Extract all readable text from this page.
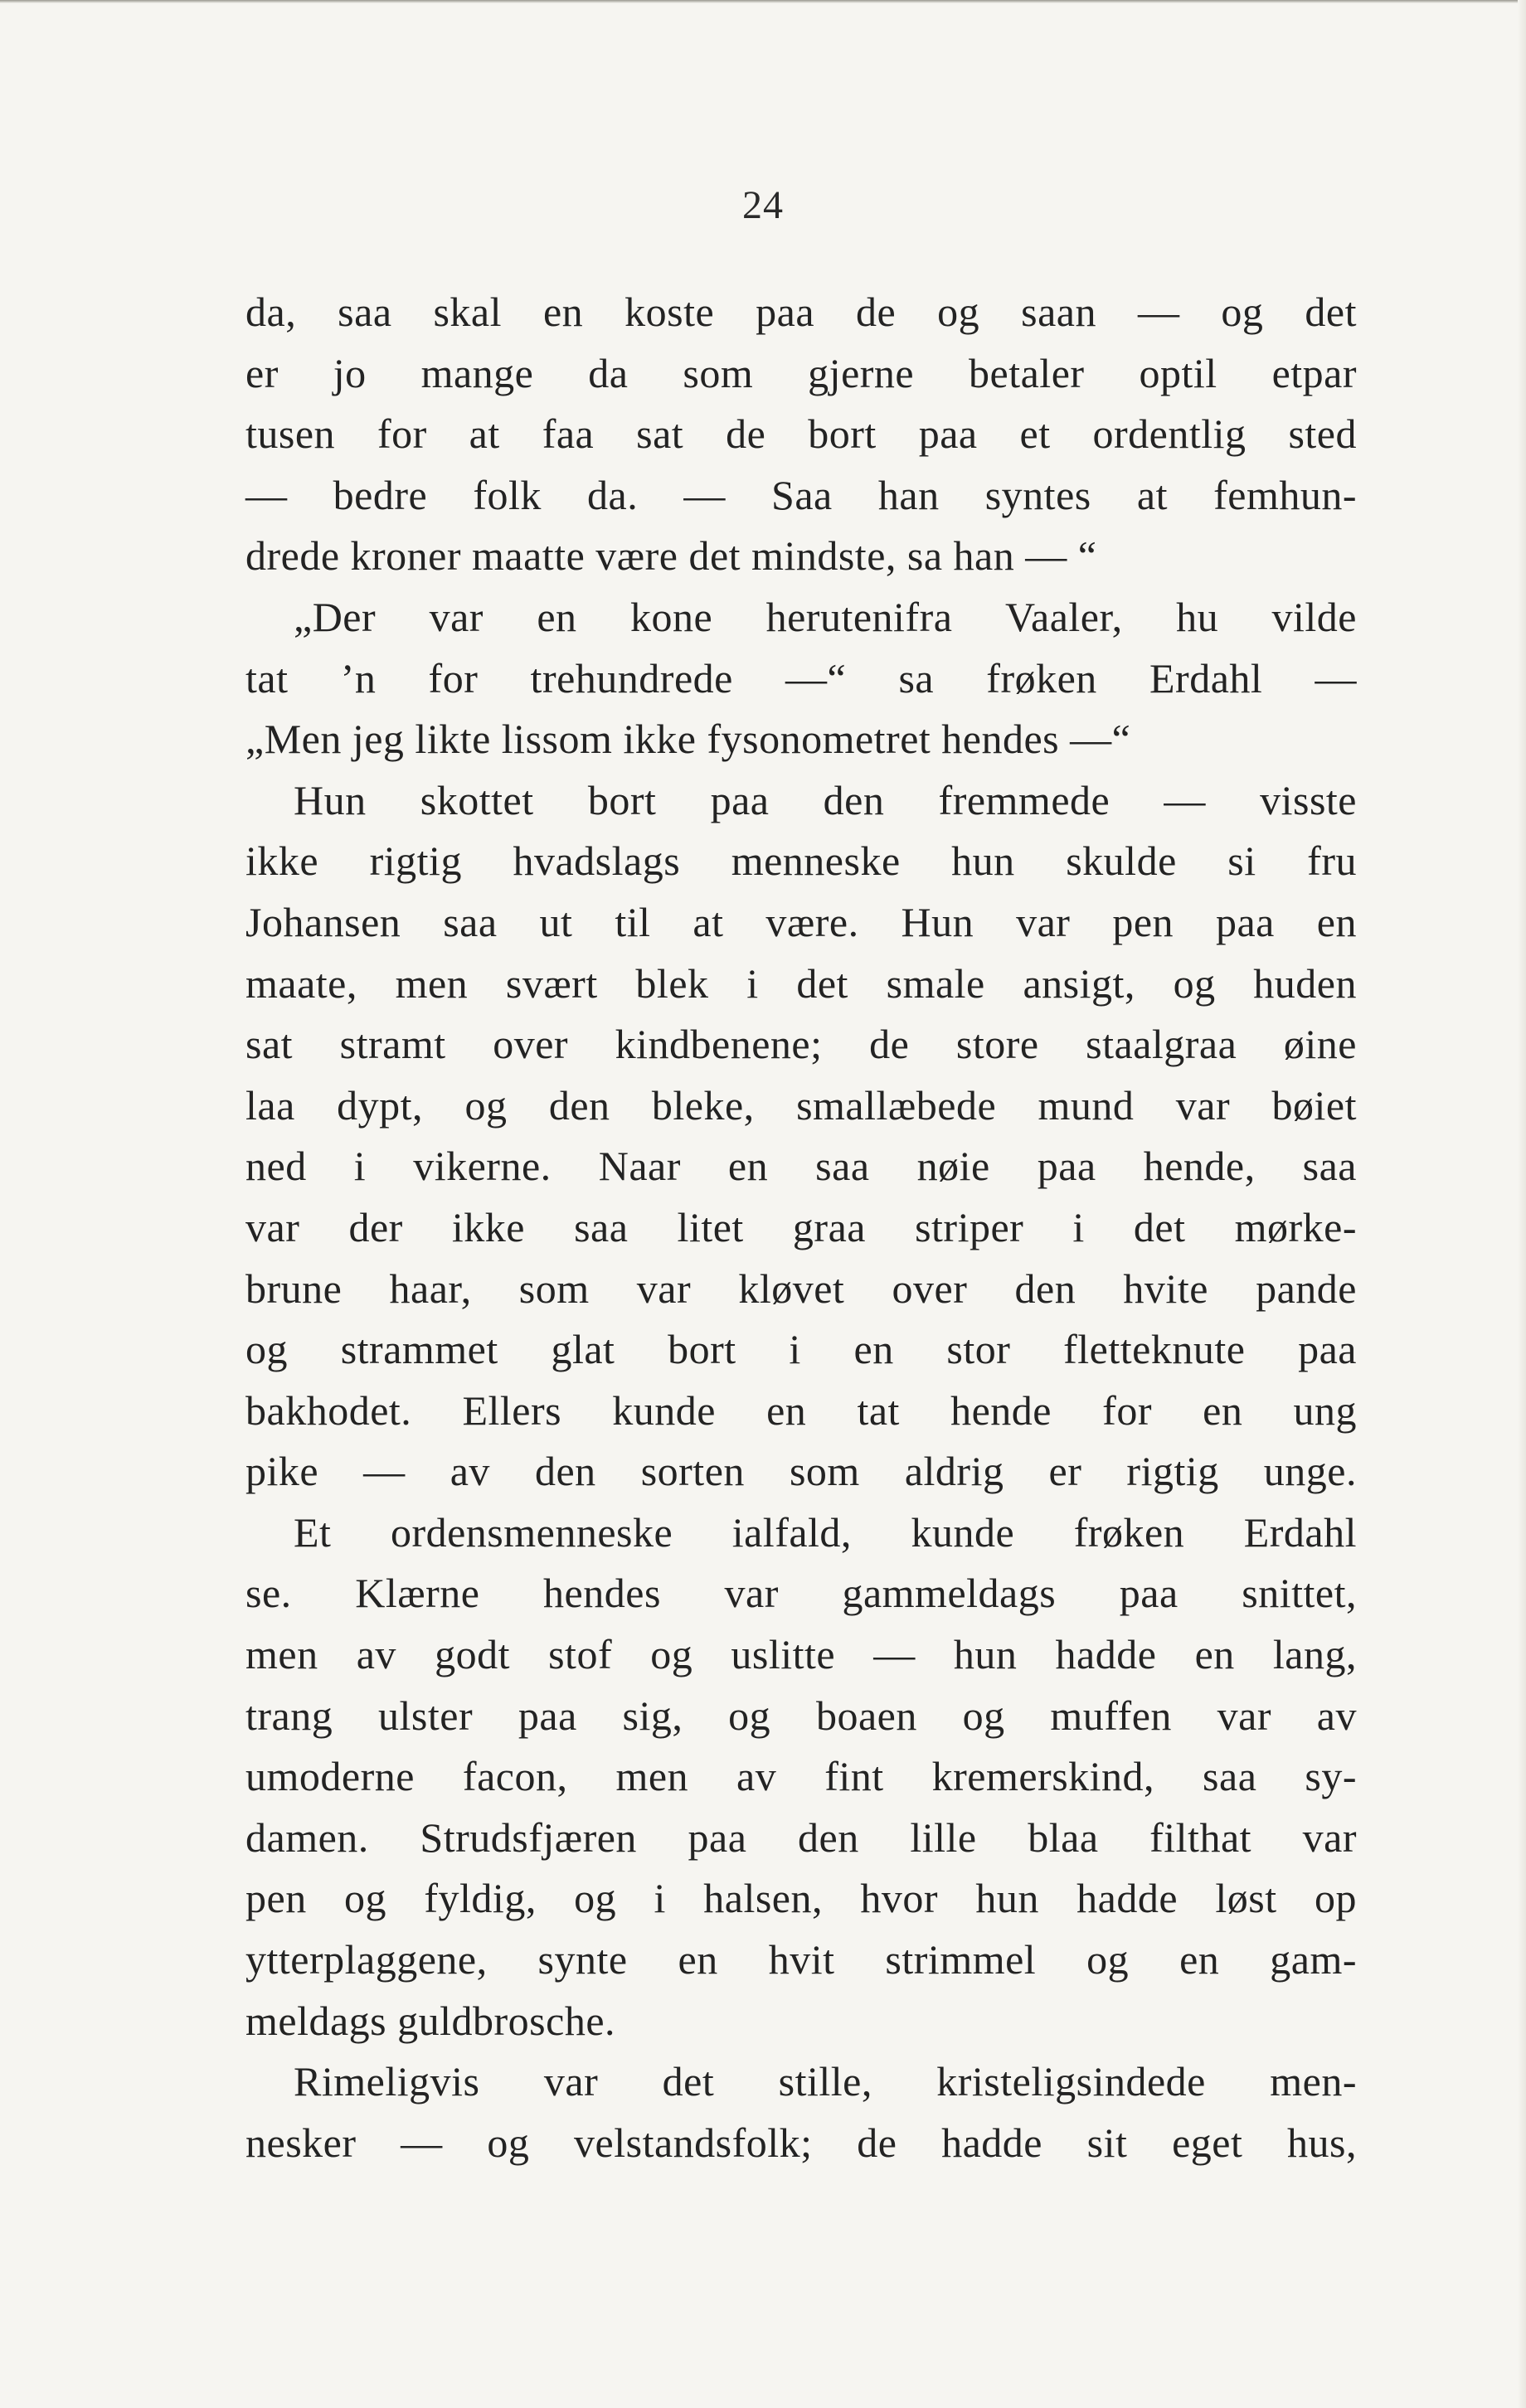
24
da, saa skal en koste paa de og saan — og det
er jo mange da som gjerne betaler optil etpar
tusen for at faa sat de bort paa et ordentlig sted
— bedre folk da. — Saa han syntes at femhun-
drede kroner maatte være det mindste, sa han — “
„Der var en kone herutenifra Vaaler, hu vilde
tat ’n for trehundrede —“ sa frøken Erdahl —
„Men jeg likte lissom ikke fysonometret hendes —“
Hun skottet bort paa den fremmede — visste
ikke rigtig hvadslags menneske hun skulde si fru
Johansen saa ut til at være. Hun var pen paa en
maate, men svært blek i det smale ansigt, og huden
sat stramt over kindbenene; de store staalgraa øine
laa dypt, og den bleke, smallæbede mund var bøiet
ned i vikerne. Naar en saa nøie paa hende, saa
var der ikke saa litet graa striper i det mørke-
brune haar, som var kløvet over den hvite pande
og strammet glat bort i en stor fletteknute paa
bakhodet. Ellers kunde en tat hende for en ung
pike — av den sorten som aldrig er rigtig unge.
Et ordensmenneske ialfald, kunde frøken Erdahl
se. Klærne hendes var gammeldags paa snittet,
men av godt stof og uslitte — hun hadde en lang,
trang ulster paa sig, og boaen og muffen var av
umoderne facon, men av fint kremerskind, saa sy-
damen. Strudsfjæren paa den lille blaa filthat var
pen og fyldig, og i halsen, hvor hun hadde løst op
ytterplaggene, synte en hvit strimmel og en gam-
meldags guldbrosche.
Rimeligvis var det stille, kristeligsindede men-
nesker — og velstandsfolk; de hadde sit eget hus,
